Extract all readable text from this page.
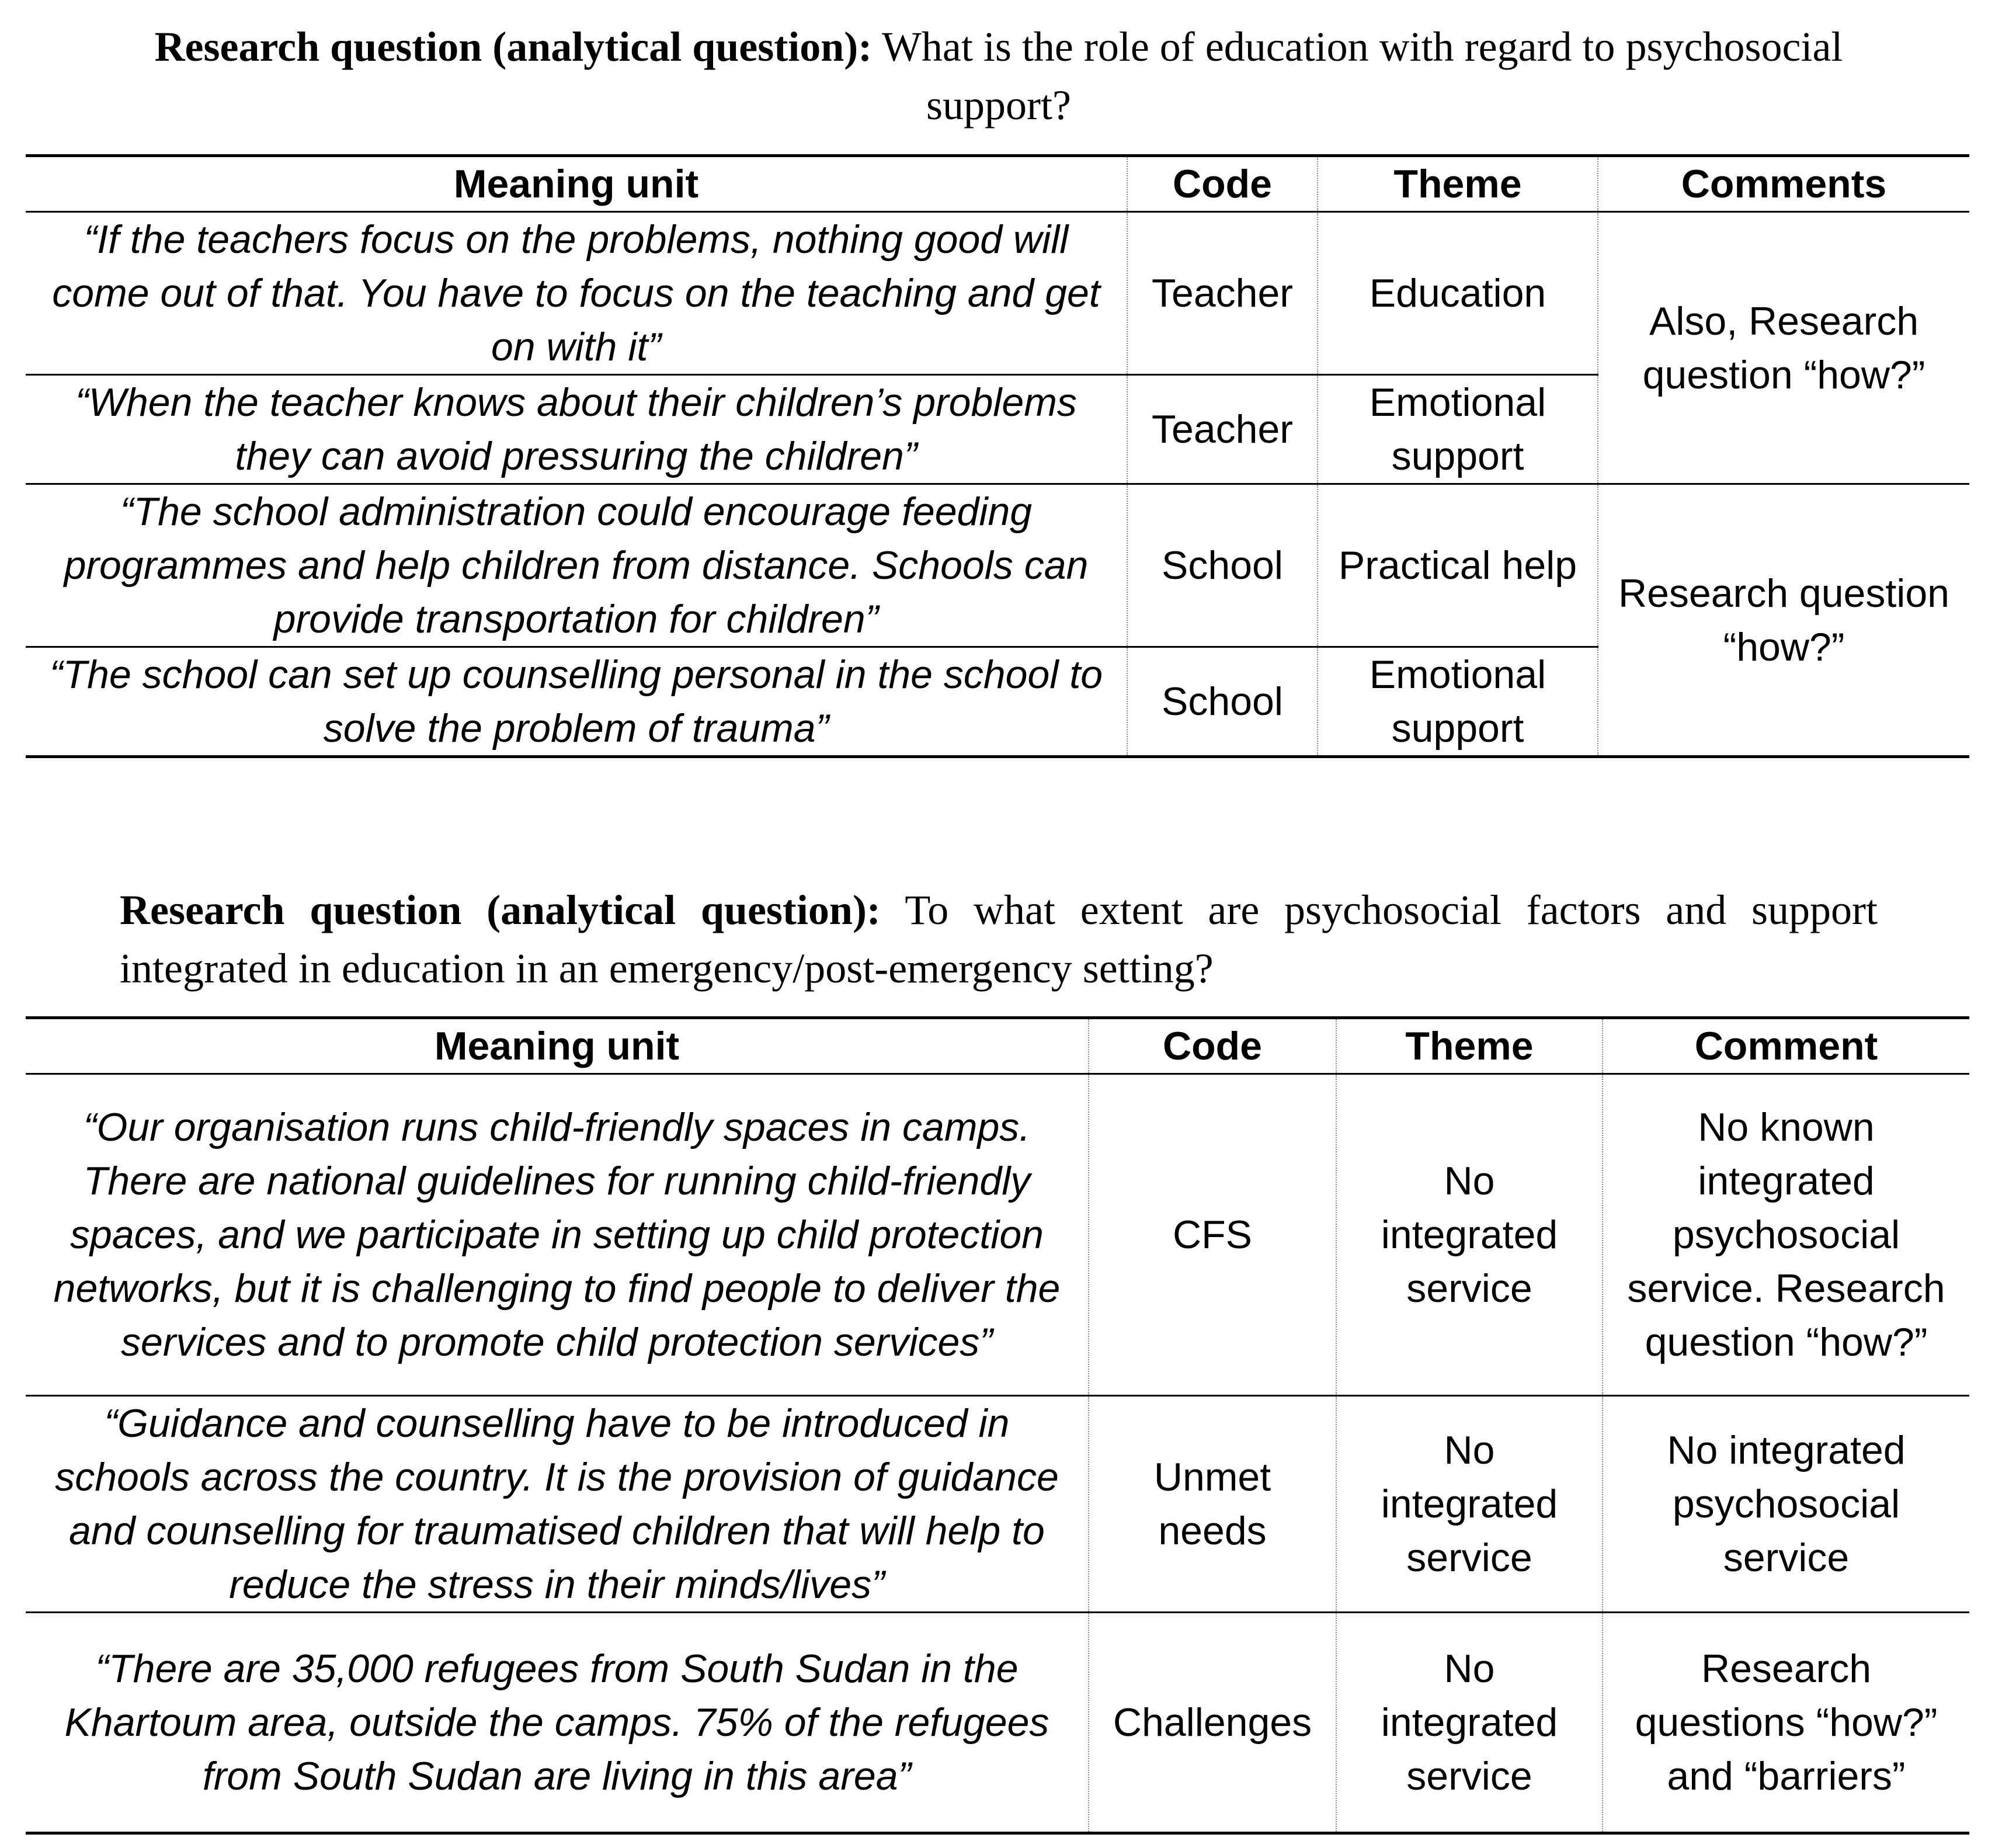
Research question (analytical question): What is the role of education with regard to psychosocial support?

Meaning unit	Code	Theme	Comments
“If the teachers focus on the problems, nothing good will come out of that. You have to focus on the teaching and get on with it”	Teacher	Education	Also, Research question “how?”
“When the teacher knows about their children’s problems they can avoid pressuring the children”	Teacher	Emotional support	
“The school administration could encourage feeding programmes and help children from distance. Schools can provide transportation for children”	School	Practical help	Research question “how?”
“The school can set up counselling personal in the school to solve the problem of trauma”	School	Emotional support	

Research question (analytical question): To what extent are psychosocial factors and support integrated in education in an emergency/post-emergency setting?

Meaning unit	Code	Theme	Comment
“Our organisation runs child-friendly spaces in camps. There are national guidelines for running child-friendly spaces, and we participate in setting up child protection networks, but it is challenging to find people to deliver the services and to promote child protection services”	CFS	No integrated service	No known integrated psychosocial service. Research question “how?”
“Guidance and counselling have to be introduced in schools across the country. It is the provision of guidance and counselling for traumatised children that will help to reduce the stress in their minds/lives”	Unmet needs	No integrated service	No integrated psychosocial service
“There are 35,000 refugees from South Sudan in the Khartoum area, outside the camps. 75% of the refugees from South Sudan are living in this area”	Challenges	No integrated service	Research questions “how?” and “barriers”
